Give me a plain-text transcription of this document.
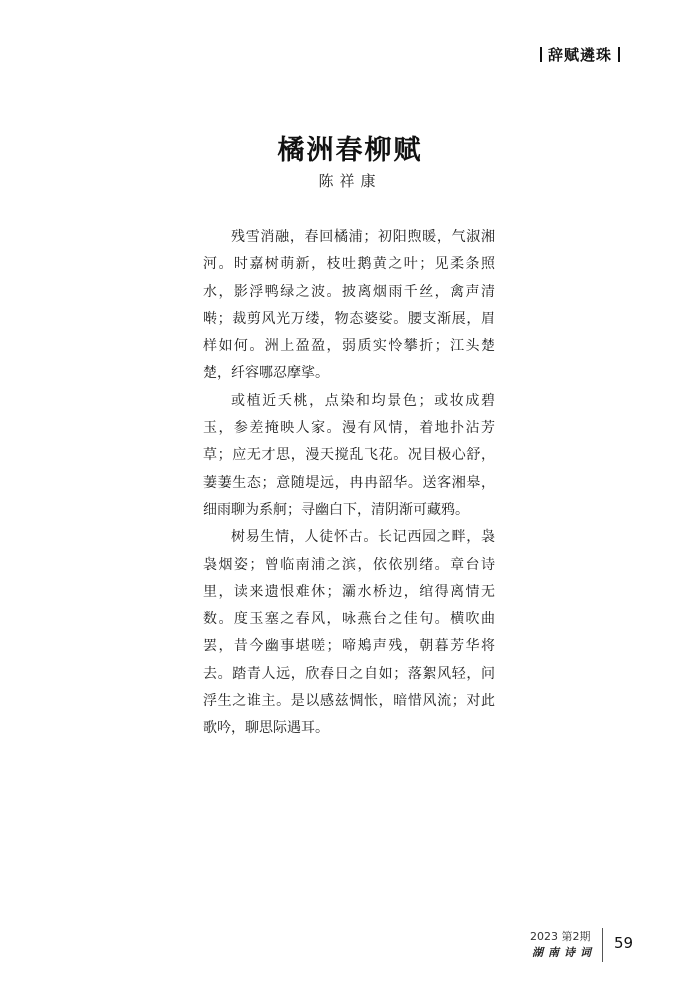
辞赋遴珠
橘洲春柳赋
陈祥康

残雪消融，春回橘浦；初阳煦暖，气淑湘河。时嘉树萌新，枝吐鹅黄之叶；见柔条照水，影浮鸭绿之波。披离烟雨千丝，禽声清啭；裁剪风光万缕，物态婆娑。腰支渐展，眉样如何。洲上盈盈，弱质实怜攀折；江头楚楚，纤容哪忍摩挲。

或植近夭桃，点染和均景色；或妆成碧玉，参差掩映人家。漫有风情，着地扑沾芳草；应无才思，漫天搅乱飞花。况目极心舒，萋萋生态；意随堤远，冉冉韶华。送客湘皋，细雨聊为系舸；寻幽白下，清阴渐可藏鸦。

树易生情，人徒怀古。长记西园之畔，袅袅烟姿；曾临南浦之滨，依依别绪。章台诗里，读来遗恨难休；灞水桥边，绾得离情无数。度玉塞之春风，咏燕台之佳句。横吹曲罢，昔今幽事堪嗟；啼鴂声残，朝暮芳华将去。踏青人远，欣春日之自如；落絮风轻，问浮生之谁主。是以感兹惆怅，暗惜风流；对此歌吟，聊思际遇耳。

2023 第2期
湖南诗词
59
